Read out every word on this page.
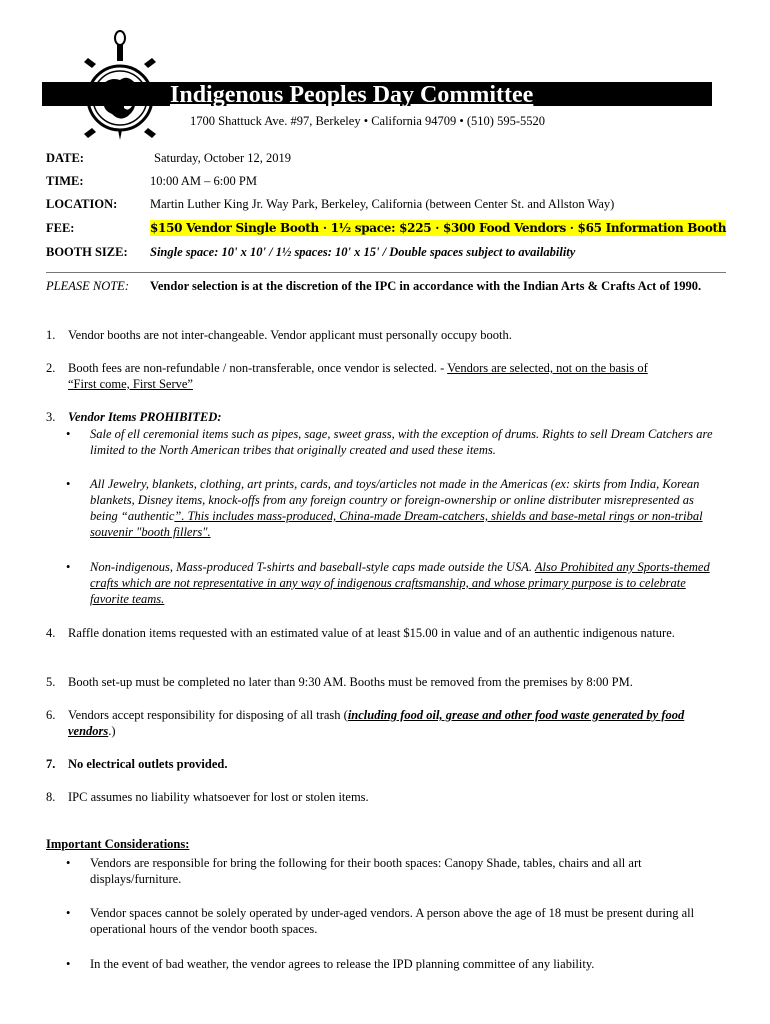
Indigenous Peoples Day Committee
1700 Shattuck Ave. #97, Berkeley • California 94709 • (510) 595-5520
DATE:	Saturday, October 12, 2019
TIME:	10:00 AM – 6:00 PM
LOCATION:	Martin Luther King Jr. Way Park, Berkeley, California (between Center St. and Allston Way)
FEE:	$150 Vendor Single Booth · 1½ space: $225 · $300 Food Vendors · $65 Information Booth
BOOTH SIZE: Single space: 10' x 10' / 1½ spaces: 10' x 15' / Double spaces subject to availability
PLEASE NOTE: Vendor selection is at the discretion of the IPC in accordance with the Indian Arts & Crafts Act of 1990.
1.	Vendor booths are not inter-changeable. Vendor applicant must personally occupy booth.
2.	Booth fees are non-refundable / non-transferable, once vendor is selected. - Vendors are selected, not on the basis of
“First come, First Serve”
3.	Vendor Items PROHIBITED:
• Sale of ell ceremonial items such as pipes, sage, sweet grass, with the exception of drums. Rights to sell Dream Catchers are limited to the North American tribes that originally created and used these items.
• All Jewelry, blankets, clothing, art prints, cards, and toys/articles not made in the Americas (ex: skirts from India, Korean blankets, Disney items, knock-offs from any foreign country or foreign-ownership or online distributer misrepresented as being “authentic”. This includes mass-produced, China-made Dream-catchers, shields and base-metal rings or non-tribal souvenir "booth fillers".
• Non-indigenous, Mass-produced T-shirts and baseball-style caps made outside the USA. Also Prohibited any Sports-themed crafts which are not representative in any way of indigenous craftsmanship, and whose primary purpose is to celebrate favorite teams.
4.	Raffle donation items requested with an estimated value of at least $15.00 in value and of an authentic indigenous nature.
5.	Booth set-up must be completed no later than 9:30 AM. Booths must be removed from the premises by 8:00 PM.
6.	Vendors accept responsibility for disposing of all trash (including food oil, grease and other food waste generated by food vendors.)
7.	No electrical outlets provided.
8.	IPC assumes no liability whatsoever for lost or stolen items.
Important Considerations:
• Vendors are responsible for bring the following for their booth spaces: Canopy Shade, tables, chairs and all art displays/furniture.
• Vendor spaces cannot be solely operated by under-aged vendors. A person above the age of 18 must be present during all operational hours of the vendor booth spaces.
• In the event of bad weather, the vendor agrees to release the IPD planning committee of any liability.
